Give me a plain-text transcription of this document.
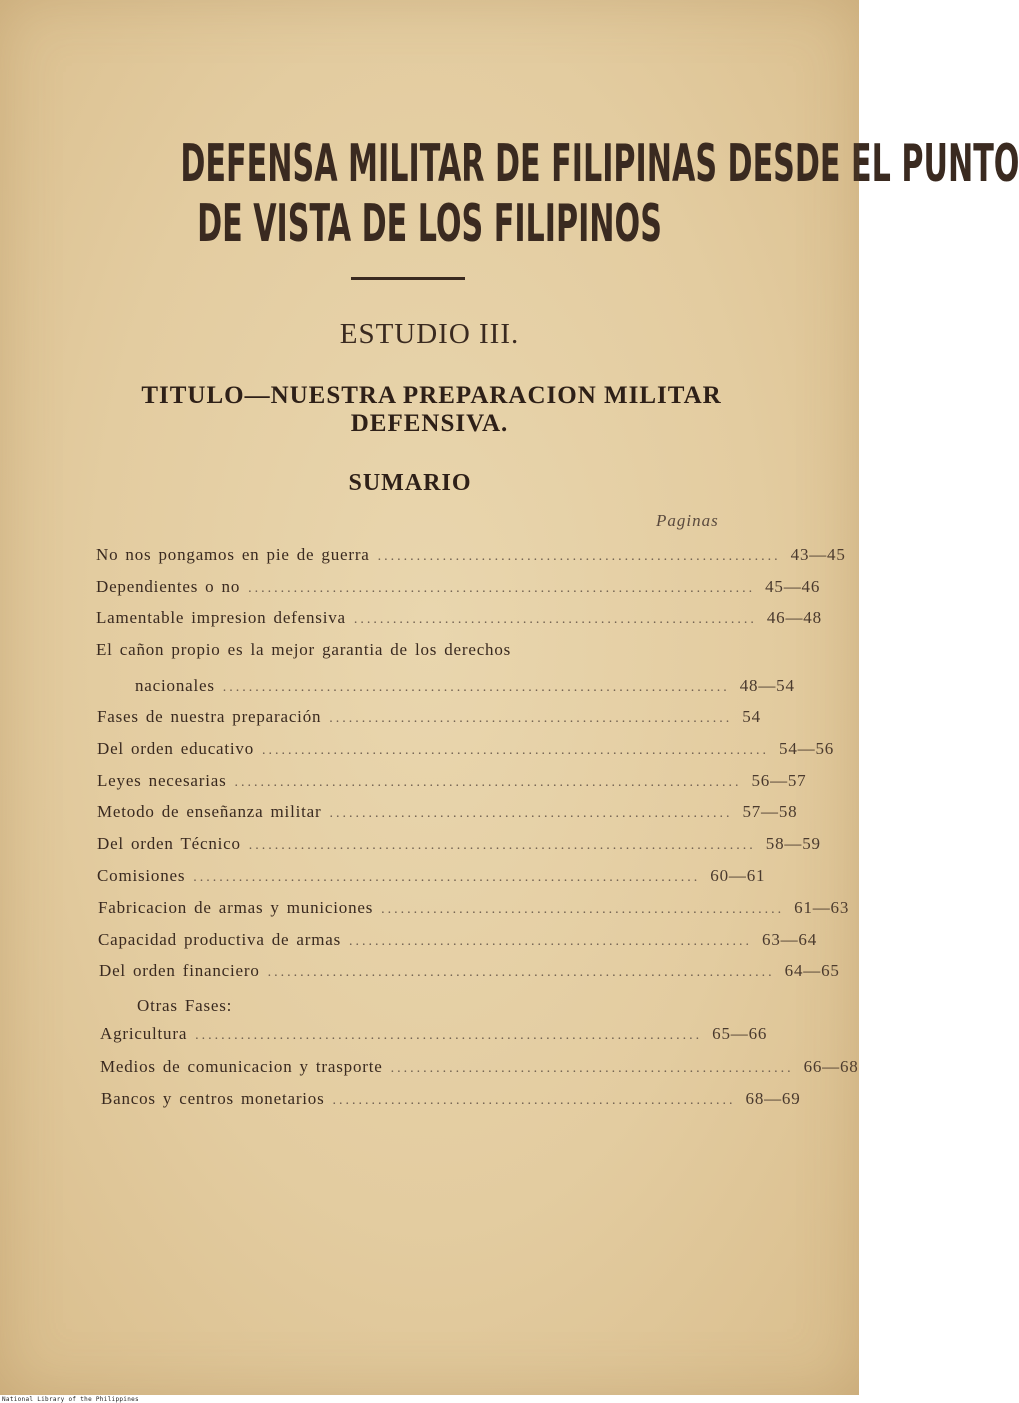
DEFENSA MILITAR DE FILIPINAS DESDE EL PUNTO
DE VISTA DE LOS FILIPINOS
ESTUDIO III.
TITULO—NUESTRA PREPARACION MILITAR
DEFENSIVA.
SUMARIO
Paginas
No nos pongamos en pie de guerra .............................................................. 43—45
Dependientes o no .............................................................................. 45—46
Lamentable impresion defensiva .............................................................. 46—48
El cañon propio es la mejor garantia de los derechos
nacionales .............................................................................. 48—54
Fases de nuestra preparación .............................................................. 54
Del orden educativo .............................................................................. 54—56
Leyes necesarias .............................................................................. 56—57
Metodo de enseñanza militar .............................................................. 57—58
Del orden Técnico .............................................................................. 58—59
Comisiones .............................................................................. 60—61
Fabricacion de armas y municiones .............................................................. 61—63
Capacidad productiva de armas .............................................................. 63—64
Del orden financiero .............................................................................. 64—65
Otras Fases:
Agricultura .............................................................................. 65—66
Medios de comunicacion y trasporte .............................................................. 66—68
Bancos y centros monetarios .............................................................. 68—69
National Library of the Philippines
